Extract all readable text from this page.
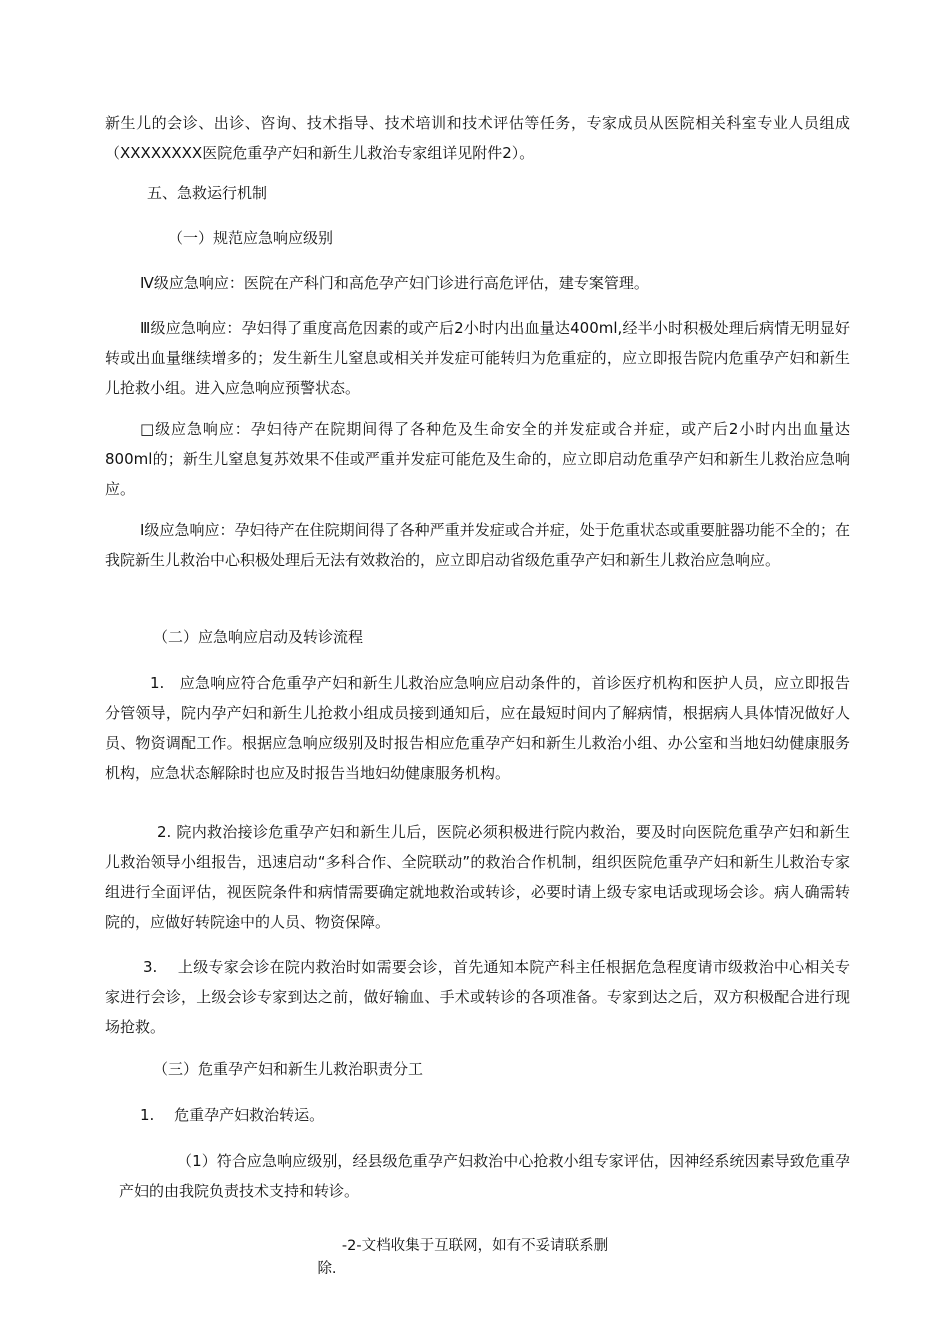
新生儿的会诊、出诊、咨询、技术指导、技术培训和技术评估等任务，专家成员从医院相关科室专业人员组成（XXXXXXXX医院危重孕产妇和新生儿救治专家组详见附件2）。

五、急救运行机制

（一）规范应急响应级别

Ⅳ级应急响应：医院在产科门和高危孕产妇门诊进行高危评估，建专案管理。

Ⅲ级应急响应：孕妇得了重度高危因素的或产后2小时内出血量达400ml,经半小时积极处理后病情无明显好转或出血量继续增多的；发生新生儿窒息或相关并发症可能转归为危重症的，应立即报告院内危重孕产妇和新生儿抢救小组。进入应急响应预警状态。

□级应急响应：孕妇待产在院期间得了各种危及生命安全的并发症或合并症，或产后2小时内出血量达800ml的；新生儿窒息复苏效果不佳或严重并发症可能危及生命的，应立即启动危重孕产妇和新生儿救治应急响应。

Ⅰ级应急响应：孕妇待产在住院期间得了各种严重并发症或合并症，处于危重状态或重要脏器功能不全的；在我院新生儿救治中心积极处理后无法有效救治的，应立即启动省级危重孕产妇和新生儿救治应急响应。

（二）应急响应启动及转诊流程

1.　应急响应符合危重孕产妇和新生儿救治应急响应启动条件的，首诊医疗机构和医护人员，应立即报告分管领导，院内孕产妇和新生儿抢救小组成员接到通知后，应在最短时间内了解病情，根据病人具体情况做好人员、物资调配工作。根据应急响应级别及时报告相应危重孕产妇和新生儿救治小组、办公室和当地妇幼健康服务机构，应急状态解除时也应及时报告当地妇幼健康服务机构。

2. 院内救治接诊危重孕产妇和新生儿后，医院必须积极进行院内救治，要及时向医院危重孕产妇和新生儿救治领导小组报告，迅速启动“多科合作、全院联动”的救治合作机制，组织医院危重孕产妇和新生儿救治专家组进行全面评估，视医院条件和病情需要确定就地救治或转诊，必要时请上级专家电话或现场会诊。病人确需转院的，应做好转院途中的人员、物资保障。

3.　 上级专家会诊在院内救治时如需要会诊，首先通知本院产科主任根据危急程度请市级救治中心相关专家进行会诊，上级会诊专家到达之前，做好输血、手术或转诊的各项准备。专家到达之后，双方积极配合进行现场抢救。

（三）危重孕产妇和新生儿救治职责分工

1.　 危重孕产妇救治转运。

（1）符合应急响应级别，经县级危重孕产妇救治中心抢救小组专家评估，因神经系统因素导致危重孕产妇的由我院负责技术支持和转诊。

-2-文档收集于互联网，如有不妥请联系删
除.
